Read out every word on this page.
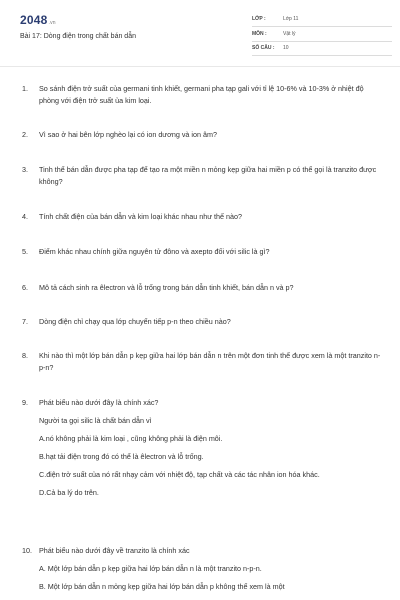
2048.vn
Bài 17: Dòng điện trong chất bán dẫn
LỚP :	Lớp 11
MÔN :	Vật lý
SỐ CÂU : 10
1.	So sánh điện trở suất của germani tinh khiết, germani pha tạp gali với tỉ lệ 10-6% và 10-3% ở nhiệt độ phòng với điện trở suất ủa kim loại.
2.	Vì sao ở hai bên lớp nghèo lại có ion dương và ion âm?
3.	Tinh thể bán dẫn được pha tạp để tạo ra một miền n mỏng kẹp giữa hai miền p có thể gọi là tranzito được không?
4.	Tính chất điện của bán dẫn và kim loại khác nhau như thế nào?
5.	Điểm khác nhau chính giữa nguyên tử đôno và axepto đối với silic là gì?
6.	Mô tả cách sinh ra êlectron và lỗ trống trong bán dẫn tinh khiết, bán dẫn n và p?
7.	Dòng điện chỉ chạy qua lớp chuyển tiếp p-n theo chiều nào?
8.	Khi nào thì một lớp bán dẫn p kẹp giữa hai lớp bán dẫn n trên một đơn tinh thể được xem là một tranzito n-p-n?
9.	Phát biểu nào dưới đây là chính xác?
Người ta gọi silic là chất bán dẫn vì
A.nó không phải là kim loại , cũng không phải là điện môi.
B.hạt tải điện trong đó có thể là êlectron và lỗ trống.
C.điện trở suất của nó rất nhạy cảm với nhiệt độ, tạp chất và các tác nhân ion hóa khác.
D.Cả ba lý do trên.
10. Phát biểu nào dưới đây về tranzito là chính xác
A. Một lớp bán dẫn p kẹp giữa hai lớp bán dẫn n là một tranzito n-p-n.
B. Một lớp bán dẫn n mỏng kẹp giữa hai lớp bán dẫn p không thể xem là một
